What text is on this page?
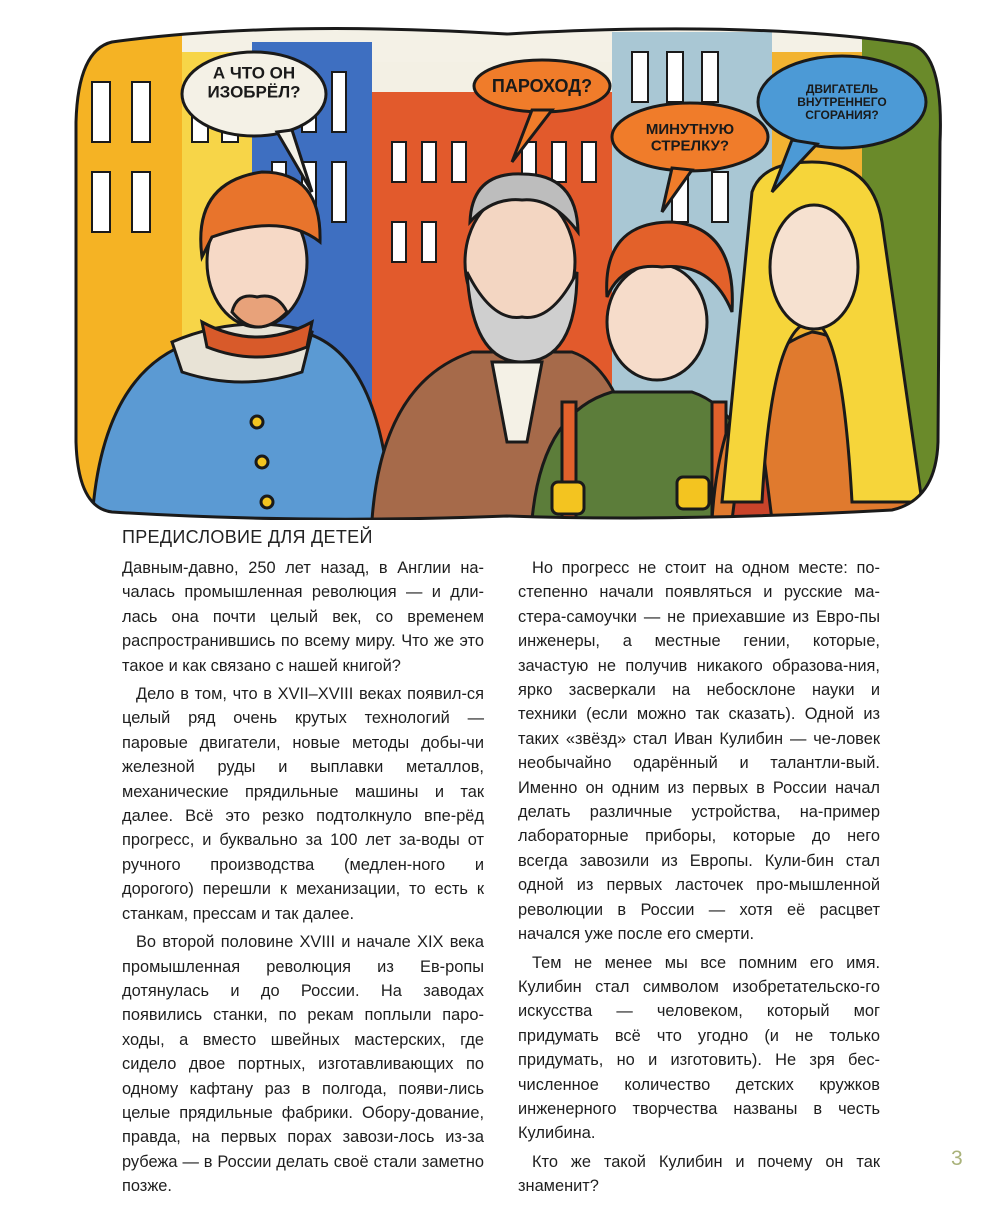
А ЧТО ОН ИЗОБРЁЛ?	ПАРОХОД?
МИНУТНУЮ СТРЕЛКУ?
ДВИГАТЕЛЬ ВНУТРЕННЕГО СГОРАНИЯ?
ПРЕДИСЛОВИЕ ДЛЯ ДЕТЕЙ

Давным-давно, 250 лет назад, в Англии на-чалась промышленная революция — и дли-лась она почти целый век, со временем распространившись по всему миру. Что же это такое и как связано с нашей книгой?

Дело в том, что в XVII–XVIII веках появил-ся целый ряд очень крутых технологий — паровые двигатели, новые методы добы-чи железной руды и выплавки металлов, механические прядильные машины и так далее. Всё это резко подтолкнуло впе-рёд прогресс, и буквально за 100 лет за-воды от ручного производства (медлен-ного и дорогого) перешли к механизации, то есть к станкам, прессам и так далее.

Во второй половине XVIII и начале XIX века промышленная революция из Ев-ропы дотянулась и до России. На заводах появились станки, по рекам поплыли паро-ходы, а вместо швейных мастерских, где сидело двое портных, изготавливающих по одному кафтану раз в полгода, появи-лись целые прядильные фабрики. Обору-дование, правда, на первых порах завози-лось из-за рубежа — в России делать своё стали заметно позже.

Но прогресс не стоит на одном месте: по-степенно начали появляться и русские ма-стера-самоучки — не приехавшие из Евро-пы инженеры, а местные гении, которые, зачастую не получив никакого образова-ния, ярко засверкали на небосклоне науки и техники (если можно так сказать). Одной из таких «звёзд» стал Иван Кулибин — че-ловек необычайно одарённый и талантли-вый. Именно он одним из первых в России начал делать различные устройства, на-пример лабораторные приборы, которые до него всегда завозили из Европы. Кули-бин стал одной из первых ласточек про-мышленной революции в России — хотя её расцвет начался уже после его смерти.

Тем не менее мы все помним его имя. Кулибин стал символом изобретательско-го искусства — человеком, который мог придумать всё что угодно (и не только придумать, но и изготовить). Не зря бес-численное количество детских кружков инженерного творчества названы в честь Кулибина.

Кто же такой Кулибин и почему он так знаменит?

3
